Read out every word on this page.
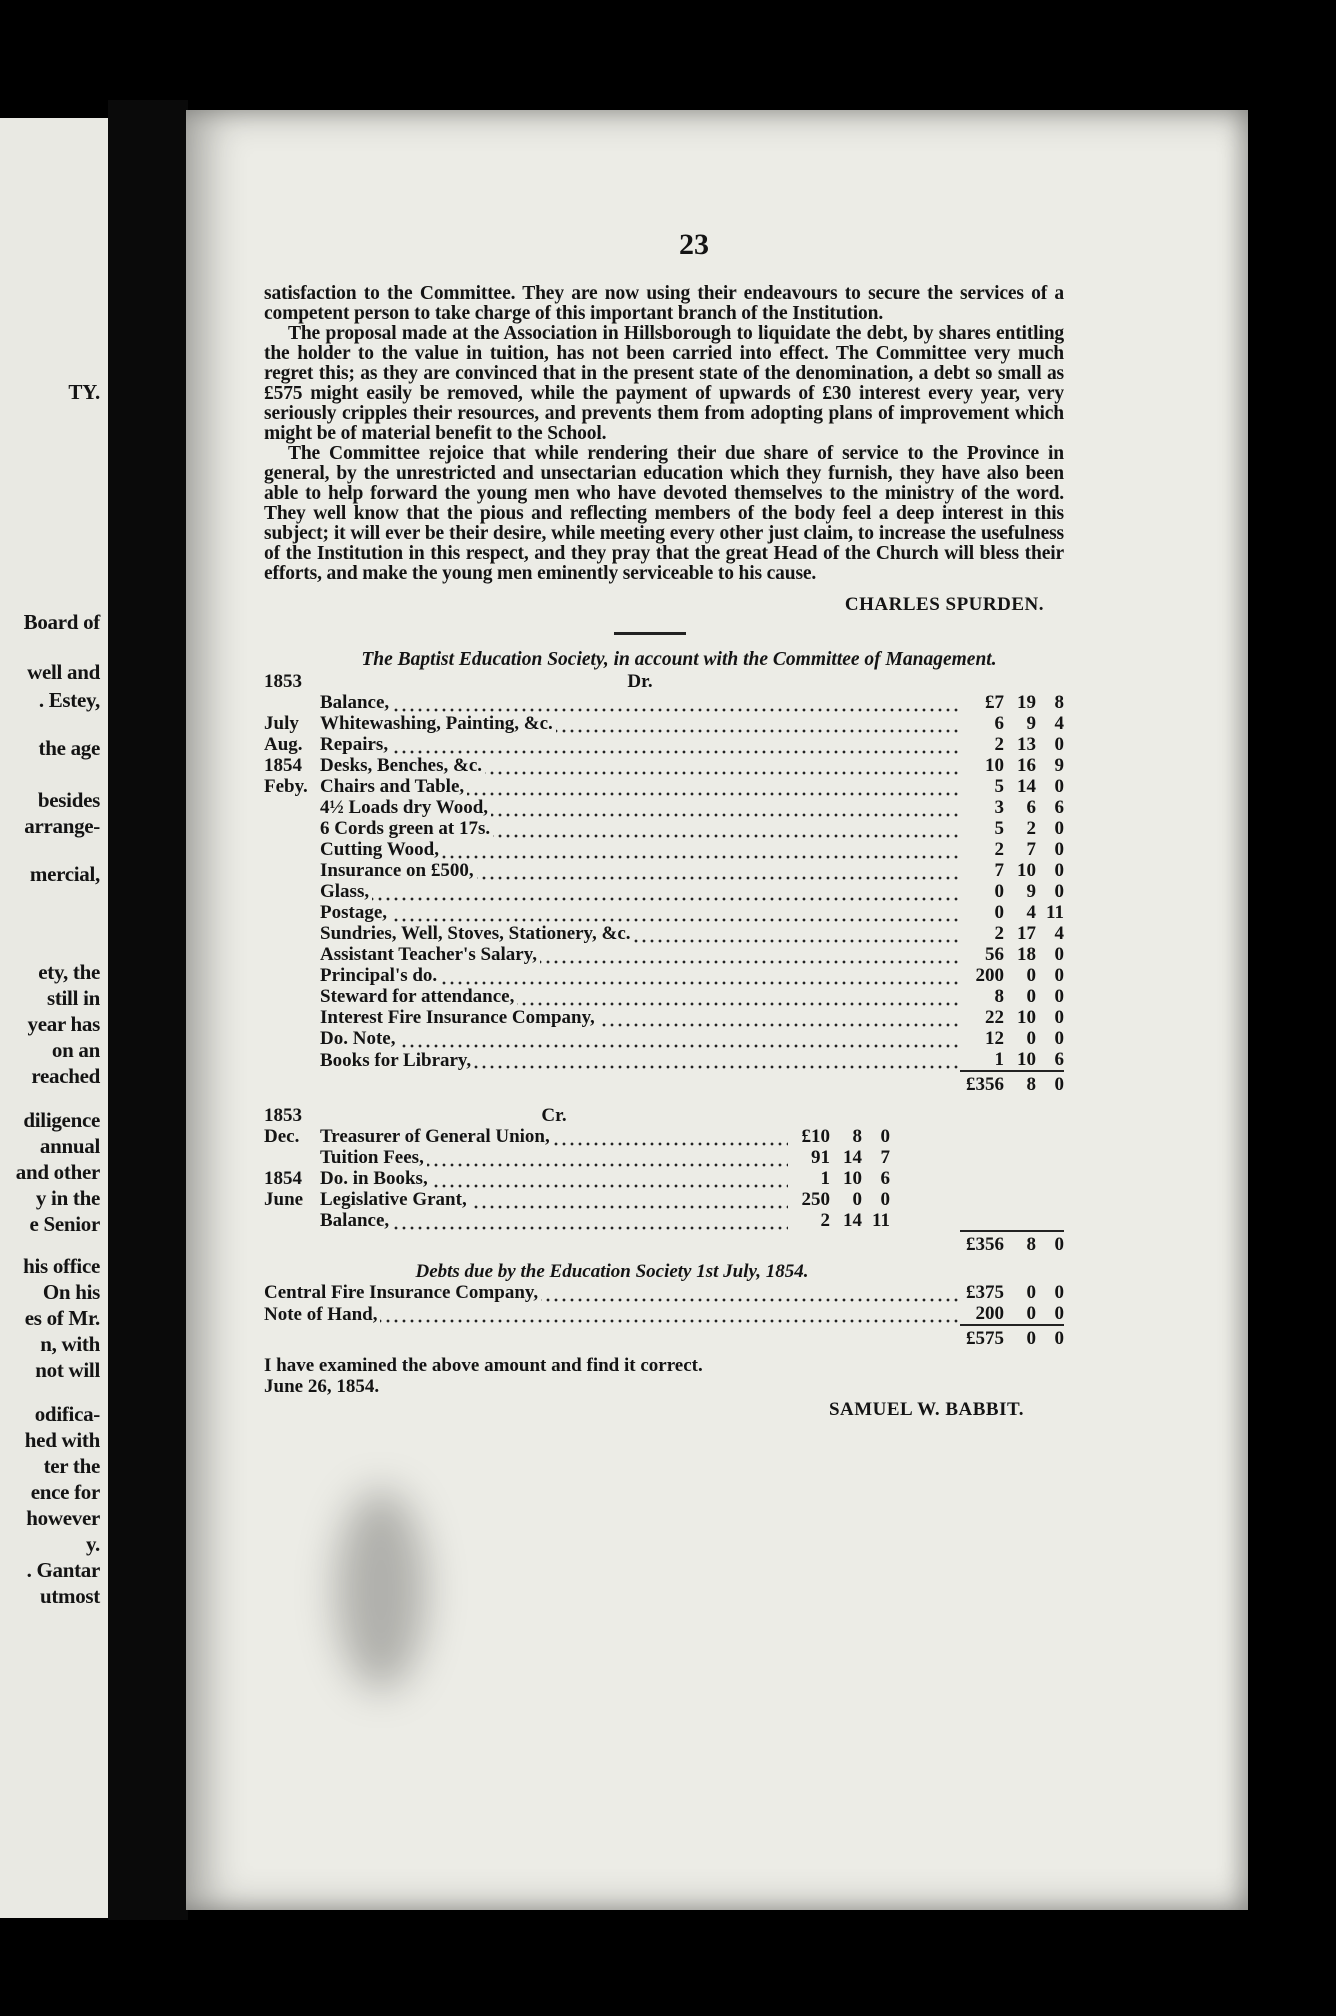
TY.
Board of
well and
. Estey,
the age
besides
arrange-
mercial,
ety, the
still in
year has
on an
reached
diligence
annual
and other
y in the
e Senior
his office
On his
es of Mr.
n, with
not will
odifica-
hed with
ter the
ence for
however
y.
. Gantar
utmost
23

satisfaction to the Committee. They are now using their endeavours to secure the services of a competent person to take charge of this important branch of the Institution.

The proposal made at the Association in Hillsborough to liquidate the debt, by shares entitling the holder to the value in tuition, has not been carried into effect. The Committee very much regret this; as they are convinced that in the present state of the denomination, a debt so small as £575 might easily be removed, while the payment of upwards of £30 interest every year, very seriously cripples their resources, and prevents them from adopting plans of improvement which might be of material benefit to the School.

The Committee rejoice that while rendering their due share of service to the Province in general, by the unrestricted and unsectarian education which they furnish, they have also been able to help forward the young men who have devoted themselves to the ministry of the word. They well know that the pious and reflecting members of the body feel a deep interest in this subject; it will ever be their desire, while meeting every other just claim, to increase the usefulness of the Institution in this respect, and they pray that the great Head of the Church will bless their efforts, and make the young men eminently serviceable to his cause.

CHARLES SPURDEN.
The Baptist Education Society, in account with the Committee of Management.
1853	Dr.			
	Balance,	£7	19	8
July	Whitewashing, Painting, &c.	6	9	4
Aug.	Repairs,	2	13	0
1854	Desks, Benches, &c.	10	16	9
Feby.	Chairs and Table,	5	14	0
	4½ Loads dry Wood,	3	6	6
	6 Cords green at 17s.	5	2	0
	Cutting Wood,	2	7	0
	Insurance on £500,	7	10	0
	Glass,	0	9	0
	Postage,	0	4	11
	Sundries, Well, Stoves, Stationery, &c.	2	17	4
	Assistant Teacher's Salary,	56	18	0
	Principal's do.	200	0	0
	Steward for attendance,	8	0	0
	Interest Fire Insurance Company,	22	10	0
	Do. Note,	12	0	0
	Books for Library,	1	10	6
		£356	8	0
1853	Cr.							
Dec.	Treasurer of General Union,	£10	8	0				
	Tuition Fees,	91	14	7				
1854	Do. in Books,	1	10	6				
June	Legislative Grant,	250	0	0				
	Balance,	2	14	11				
						£356	8	0
Debts due by the Education Society 1st July, 1854.			
Central Fire Insurance Company,	£375	0	0
Note of Hand,	200	0	0
	£575	0	0
I have examined the above amount and find it correct.
June 26, 1854.
SAMUEL W. BABBIT.
